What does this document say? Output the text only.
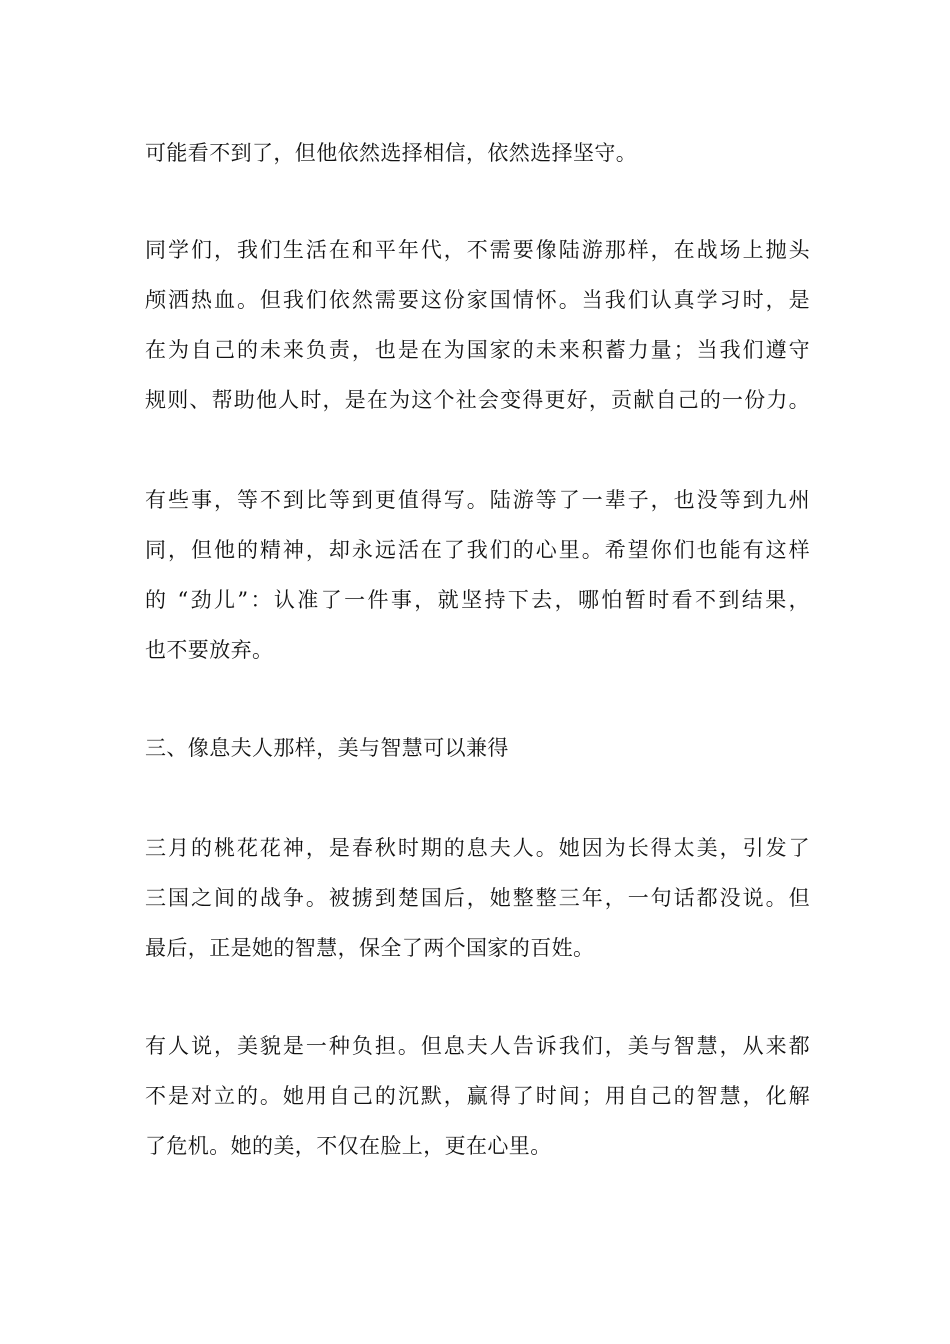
可能看不到了，但他依然选择相信，依然选择坚守。

同学们，我们生活在和平年代，不需要像陆游那样，在战场上抛头
颅洒热血。但我们依然需要这份家国情怀。当我们认真学习时，是
在为自己的未来负责，也是在为国家的未来积蓄力量；当我们遵守
规则、帮助他人时，是在为这个社会变得更好，贡献自己的一份力。

有些事，等不到比等到更值得写。陆游等了一辈子，也没等到九州
同，但他的精神，却永远活在了我们的心里。希望你们也能有这样
的 “劲儿”：认准了一件事，就坚持下去，哪怕暂时看不到结果，
也不要放弃。

三、像息夫人那样，美与智慧可以兼得

三月的桃花花神，是春秋时期的息夫人。她因为长得太美，引发了
三国之间的战争。被掳到楚国后，她整整三年，一句话都没说。但
最后，正是她的智慧，保全了两个国家的百姓。

有人说，美貌是一种负担。但息夫人告诉我们，美与智慧，从来都
不是对立的。她用自己的沉默，赢得了时间；用自己的智慧，化解
了危机。她的美，不仅在脸上，更在心里。
